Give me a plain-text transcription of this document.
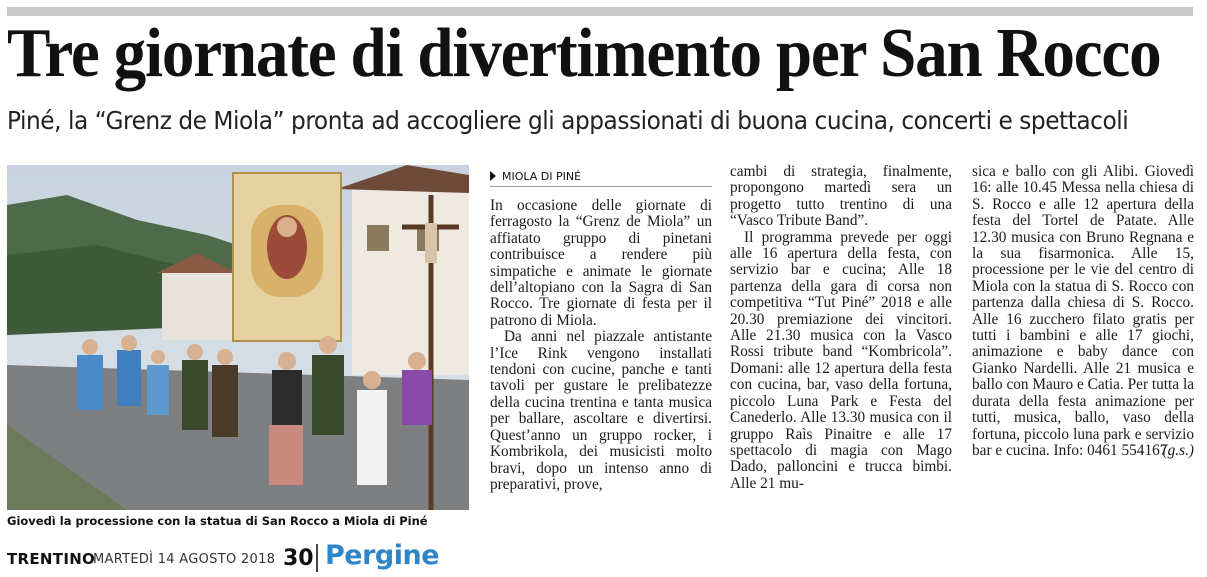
Tre giornate di divertimento per San Rocco
Piné, la “Grenz de Miola” pronta ad accogliere gli appassionati di buona cucina, concerti e spettacoli
Giovedì la processione con la statua di San Rocco a Miola di Piné
MIOLA DI PINÉ

In occasione delle giornate di ferragosto la “Grenz de Miola” un affiatato gruppo di pinetani contribuisce a rendere più simpatiche e animate le giornate dell’altopiano con la Sagra di San Rocco. Tre giornate di festa per il patrono di Miola.

Da anni nel piazzale antistante l’Ice Rink vengono installati tendoni con cucine, panche e tanti tavoli per gustare le prelibatezze della cucina trentina e tanta musica per ballare, ascoltare e divertirsi. Quest’anno un gruppo rocker, i Kombrikola, dei musicisti molto bravi, dopo un intenso anno di preparativi, prove,

cambi di strategia, finalmente, propongono martedì sera un progetto tutto trentino di una “Vasco Tribute Band”.

Il programma prevede per oggi alle 16 apertura della festa, con servizio bar e cucina; Alle 18 partenza della gara di corsa non competitiva “Tut Piné” 2018 e alle 20.30 premiazione dei vincitori. Alle 21.30 musica con la Vasco Rossi tribute band “Kombricola”. Domani: alle 12 apertura della festa con cucina, bar, vaso della fortuna, piccolo Luna Park e Festa del Canederlo. Alle 13.30 musica con il gruppo Raìs Pinaitre e alle 17 spettacolo di magia con Mago Dado, palloncini e trucca bimbi. Alle 21 mu-

sica e ballo con gli Alibi. Giovedì 16: alle 10.45 Messa nella chiesa di S. Rocco e alle 12 apertura della festa del Tortel de Patate. Alle 12.30 musica con Bruno Regnana e la sua fisarmonica. Alle 15, processione per le vie del centro di Miola con la statua di S. Rocco con partenza dalla chiesa di S. Rocco. Alle 16 zucchero filato gratis per tutti i bambini e alle 17 giochi, animazione e baby dance con Gianko Nardelli. Alle 21 musica e ballo con Mauro e Catia. Per tutta la durata della festa animazione per tutti, musica, ballo, vaso della fortuna, piccolo luna park e servizio bar e cucina. Info: 0461 554167.

(g.s.)
TRENTINO
MARTEDÌ 14 AGOSTO 2018 30 Pergine
